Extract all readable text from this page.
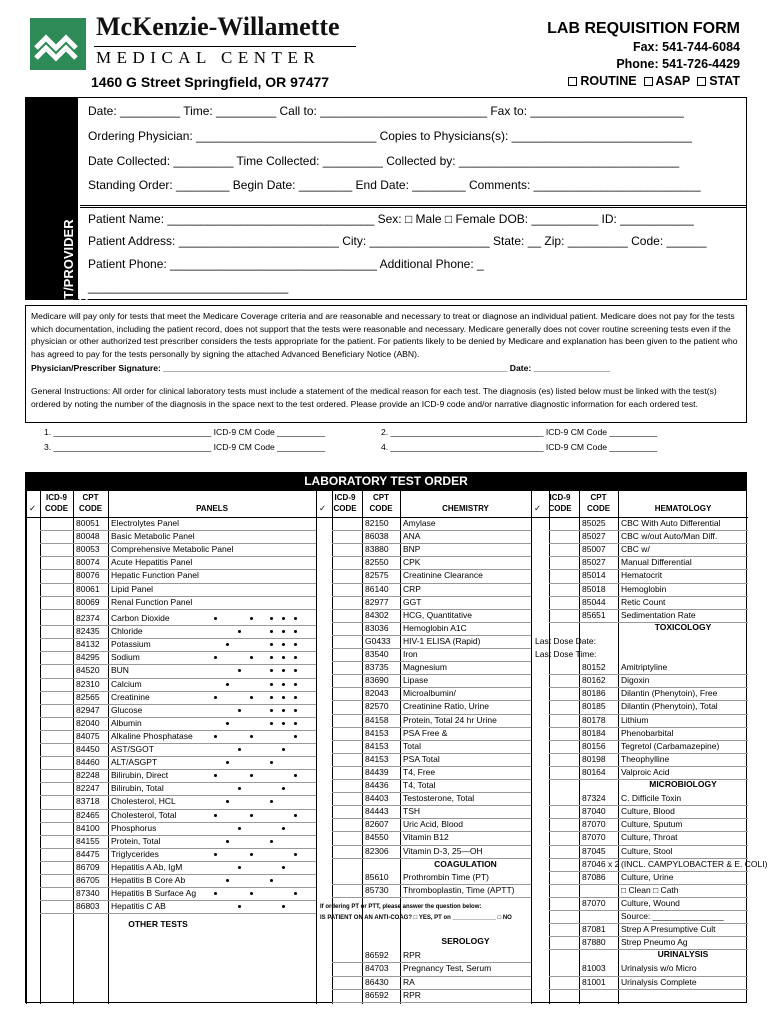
McKenzie-Willamette
MEDICAL CENTER
1460 G Street Springfield, OR 97477
LAB REQUISITION FORM
Fax: 541-744-6084
Phone: 541-726-4429
ROUTINE ASAP STAT
PATIENT/PROVIDER INFORMATION
Date: _________ Time: _________ Call to: _________________________ Fax to: _______________________
Ordering Physician: ___________________________ Copies to Physicians(s): ___________________________
Date Collected: _________ Time Collected: _________ Collected by: _________________________________
Standing Order: ________ Begin Date: ________ End Date: ________ Comments: _________________________
Patient Name: _______________________________ Sex: □ Male □ Female DOB: __________ ID: ___________
Patient Address: ________________________ City: __________________ State: __ Zip: _________ Code: ______
Patient Phone: _______________________________ Additional Phone: _
______________________________
Medicare will pay only for tests that meet the Medicare Coverage criteria and are reasonable and necessary to treat or diagnose an individual patient. Medicare does not pay for the tests which documentation, including the patient record, does not support that the tests were reasonable and necessary. Medicare generally does not cover routine screening tests even if the physician or other authorized test prescriber considers the tests appropriate for the patient. For patients likely to be denied by Medicare and explanation has been given to the patient who has agreed to pay for the tests personally by signing the attached Advanced Beneficiary Notice (ABN).
Physician/Prescriber Signature: ________________________________________________________________________ Date: ________________
General Instructions: All order for clinical laboratory tests must include a statement of the medical reason for each test. The diagnosis (es) listed below must be linked with the test(s) ordered by noting the number of the diagnosis in the space next to the test ordered. Please provide an ICD-9 code and/or narrative diagnostic information for each ordered test.
1. _________________________________ ICD-9 CM Code __________	2. ________________________________ ICD-9 CM Code __________
3. _________________________________ ICD-9 CM Code __________	4. ________________________________ ICD-9 CM Code __________
LABORATORY TEST ORDER
ICD-9
CODE
CPT
CODE	PANELS
✓
ICD-9
CODE
CPT
CODE	CHEMISTRY
✓
ICD-9
CODE
CPT
CODE	HEMATOLOGY
✓
80051 Electrolytes Panel
80048 Basic Metabolic Panel
80053 Comprehensive Metabolic Panel
80074 Acute Hepatitis Panel
80076 Hepatic Function Panel
80061 Lipid Panel
80069 Renal Function Panel
82374 Carbon Dioxide
82435 Chloride
84132 Potassium
84295 Sodium
84520 BUN
82310 Calcium
82565 Creatinine
82947 Glucose
82040 Albumin
84075 Alkaline Phosphatase
84450 AST/SGOT
84460 ALT/ASGPT
82248 Bilirubin, Direct
82247 Bilirubin, Total
83718 Cholesterol, HCL
82465 Cholesterol, Total
84100 Phosphorus
84155 Protein, Total
84475 Triglycerides
86709 Hepatitis A Ab, IgM
86705 Hepatitis B Core Ab
87340 Hepatitis B Surface Ag
86803 Hepatitis C AB
OTHER TESTS
82150 Amylase
86038 ANA
83880 BNP
82550 CPK
82575 Creatinine Clearance
86140 CRP
82977 GGT
84302 HCG, Quantitative
83036 Hemoglobin A1C
G0433 HIV-1 ELISA (Rapid)
83540 Iron
83735 Magnesium
83690 Lipase
82043 Microalbumin/
82570 Creatinine Ratio, Urine
84158 Protein, Total 24 hr Urine
84153 PSA Free &
84153 Total
84153 PSA Total
84439 T4, Free
84436 T4, Total
84403 Testosterone, Total
84443 TSH
82607 Uric Acid, Blood
84550 Vitamin B12
82306 Vitamin D-3, 25—OH
COAGULATION
85610 Prothrombin Time (PT)
85730 Thromboplastin, Time (APTT)
If ordering PT or PTT, please answer the question below:
IS PATIENT ON AN ANTI-COAG? □ YES, PT on _____________ □ NO
SEROLOGY
86592 RPR
84703 Pregnancy Test, Serum
86430 RA
86592 RPR
85025 CBC With Auto Differential
85027 CBC w/out Auto/Man Diff.
85007 CBC w/
85027 Manual Differential
85014 Hematocrit
85018 Hemoglobin
85044 Retic Count
85651 Sedimentation Rate
TOXICOLOGY
Last Dose Date:
Last Dose Time:
80152 Amitriptyline
80162 Digoxin
80186 Dilantin (Phenytoin), Free
80185 Dilantin (Phenytoin), Total
80178 Lithium
80184 Phenobarbital
80156 Tegretol (Carbamazepine)
80198 Theophylline
80164 Valproic Acid
MICROBIOLOGY
87324 C. Difficile Toxin
87040 Culture, Blood
87070 Culture, Sputum
87070 Culture, Throat
87045 Culture, Stool
87046 x 2 (INCL. CAMPYLOBACTER & E. COLI)
87086 Culture, Urine
□ Clean □ Cath
87070 Culture, Wound
Source: _______________
87081 Strep A Presumptive Cult
87880 Strep Pneumo Ag
URINALYSIS
81003 Urinalysis w/o Micro
81001 Urinalysis Complete
